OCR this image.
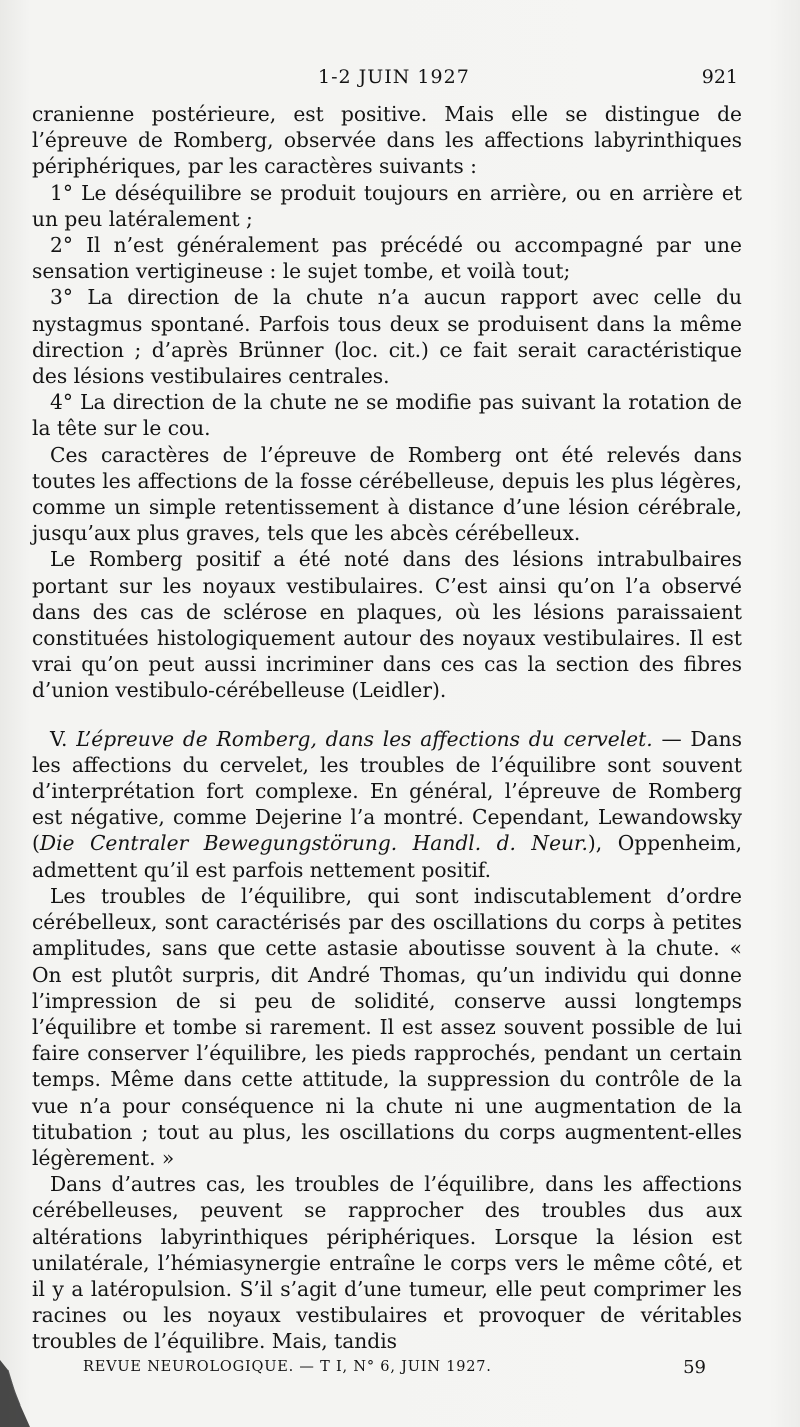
1-2 JUIN 1927	921

cranienne postérieure, est positive. Mais elle se distingue de l’épreuve de Romberg, observée dans les affections labyrinthiques périphériques, par les caractères suivants :

1° Le déséquilibre se produit toujours en arrière, ou en arrière et un peu latéralement ;

2° Il n’est généralement pas précédé ou accompagné par une sensation vertigineuse : le sujet tombe, et voilà tout;

3° La direction de la chute n’a aucun rapport avec celle du nystagmus spontané. Parfois tous deux se produisent dans la même direction ; d’après Brünner (loc. cit.) ce fait serait caractéristique des lésions vestibulaires centrales.

4° La direction de la chute ne se modifie pas suivant la rotation de la tête sur le cou.

Ces caractères de l’épreuve de Romberg ont été relevés dans toutes les affections de la fosse cérébelleuse, depuis les plus légères, comme un simple retentissement à distance d’une lésion cérébrale, jusqu’aux plus graves, tels que les abcès cérébelleux.

Le Romberg positif a été noté dans des lésions intrabulbaires portant sur les noyaux vestibulaires. C’est ainsi qu’on l’a observé dans des cas de sclérose en plaques, où les lésions paraissaient constituées histologiquement autour des noyaux vestibulaires. Il est vrai qu’on peut aussi incriminer dans ces cas la section des fibres d’union vestibulo-cérébelleuse (Leidler).

V. L’épreuve de Romberg, dans les affections du cervelet. — Dans les affections du cervelet, les troubles de l’équilibre sont souvent d’interprétation fort complexe. En général, l’épreuve de Romberg est négative, comme Dejerine l’a montré. Cependant, Lewandowsky (Die Centraler Bewegungstörung. Handl. d. Neur.), Oppenheim, admettent qu’il est parfois nettement positif.

Les troubles de l’équilibre, qui sont indiscutablement d’ordre cérébelleux, sont caractérisés par des oscillations du corps à petites amplitudes, sans que cette astasie aboutisse souvent à la chute. « On est plutôt surpris, dit André Thomas, qu’un individu qui donne l’impression de si peu de solidité, conserve aussi longtemps l’équilibre et tombe si rarement. Il est assez souvent possible de lui faire conserver l’équilibre, les pieds rapprochés, pendant un certain temps. Même dans cette attitude, la suppression du contrôle de la vue n’a pour conséquence ni la chute ni une augmentation de la titubation ; tout au plus, les oscillations du corps augmentent-elles légèrement. »

Dans d’autres cas, les troubles de l’équilibre, dans les affections cérébelleuses, peuvent se rapprocher des troubles dus aux altérations labyrinthiques périphériques. Lorsque la lésion est unilatérale, l’hémiasynergie entraîne le corps vers le même côté, et il y a latéropulsion. S’il s’agit d’une tumeur, elle peut comprimer les racines ou les noyaux vestibulaires et provoquer de véritables troubles de l’équilibre. Mais, tandis

REVUE NEUROLOGIQUE. — T I, N° 6, JUIN 1927.	59
